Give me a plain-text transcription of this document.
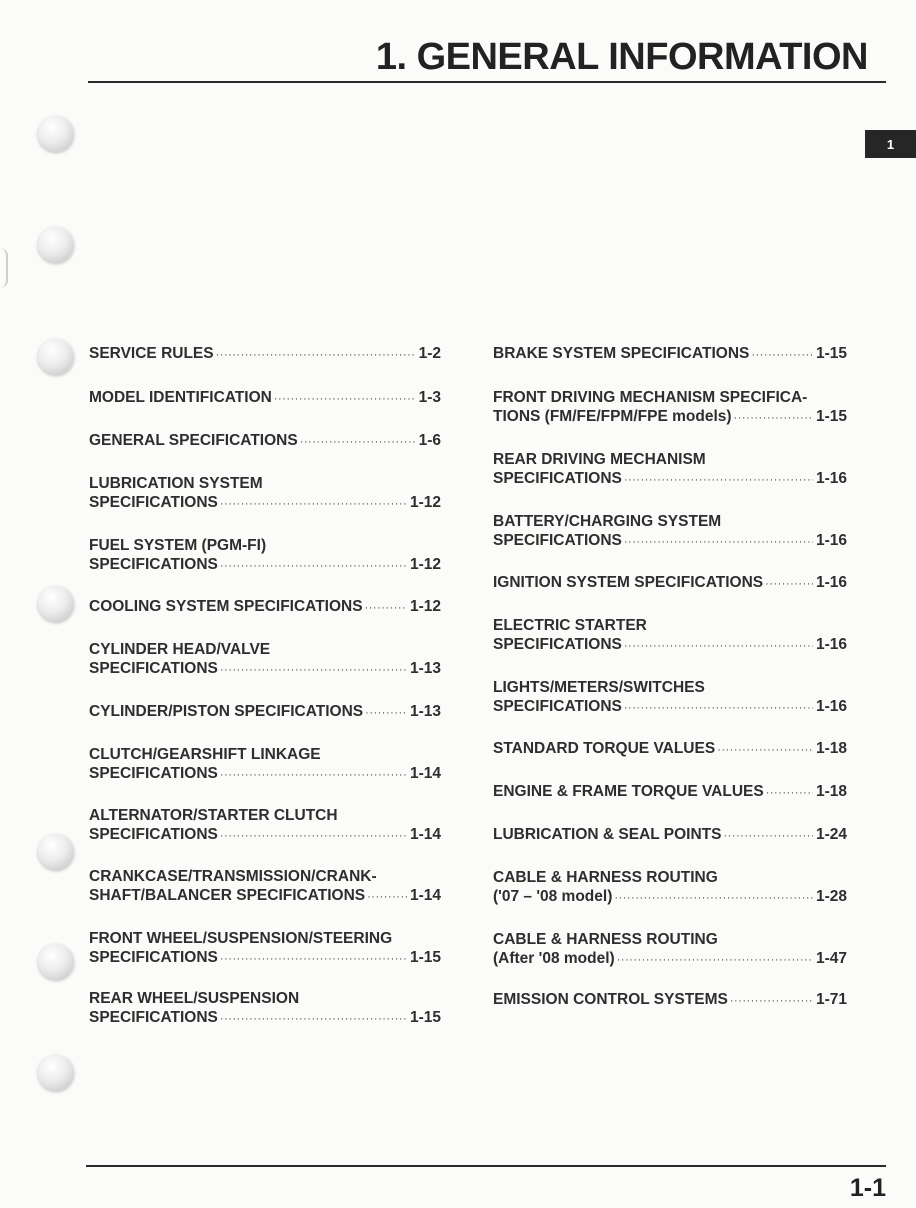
1. GENERAL INFORMATION
1
SERVICE RULES ·····	1-2
MODEL IDENTIFICATION ·····	1-3
GENERAL SPECIFICATIONS ·····	1-6
LUBRICATION SYSTEM
SPECIFICATIONS ·····	1-12
FUEL SYSTEM (PGM-FI)
SPECIFICATIONS ·····	1-12
COOLING SYSTEM SPECIFICATIONS ·····	1-12
CYLINDER HEAD/VALVE
SPECIFICATIONS ·····	1-13
CYLINDER/PISTON SPECIFICATIONS ·····	1-13
CLUTCH/GEARSHIFT LINKAGE
SPECIFICATIONS ·····	1-14
ALTERNATOR/STARTER CLUTCH
SPECIFICATIONS ·····	1-14
CRANKCASE/TRANSMISSION/CRANK-
SHAFT/BALANCER SPECIFICATIONS ·····	1-14
FRONT WHEEL/SUSPENSION/STEERING
SPECIFICATIONS ·····	1-15
REAR WHEEL/SUSPENSION
SPECIFICATIONS ·····	1-15
BRAKE SYSTEM SPECIFICATIONS ·····	1-15
FRONT DRIVING MECHANISM SPECIFICA-
TIONS (FM/FE/FPM/FPE models) ·····	1-15
REAR DRIVING MECHANISM
SPECIFICATIONS ·····	1-16
BATTERY/CHARGING SYSTEM
SPECIFICATIONS ·····	1-16
IGNITION SYSTEM SPECIFICATIONS ·····	1-16
ELECTRIC STARTER
SPECIFICATIONS ·····	1-16
LIGHTS/METERS/SWITCHES
SPECIFICATIONS ·····	1-16
STANDARD TORQUE VALUES ·····	1-18
ENGINE & FRAME TORQUE VALUES ·····	1-18
LUBRICATION & SEAL POINTS ·····	1-24
CABLE & HARNESS ROUTING
('07 – '08 model) ·····	1-28
CABLE & HARNESS ROUTING
(After '08 model) ·····	1-47
EMISSION CONTROL SYSTEMS ·····	1-71
1-1
